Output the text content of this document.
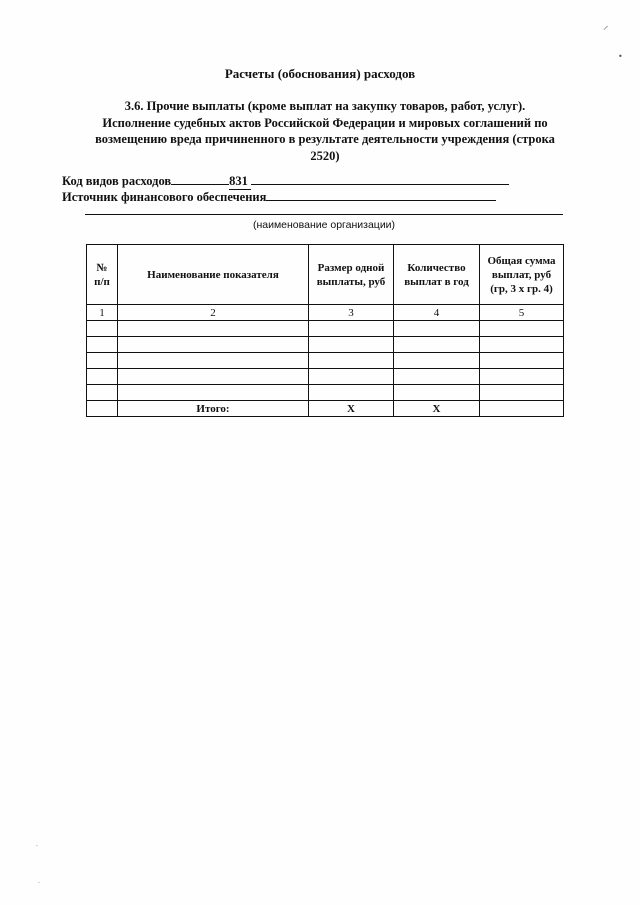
⸝
•
·
·
Расчеты (обоснования) расходов
3.6. Прочие выплаты (кроме выплат на закупку товаров, работ, услуг).
Исполнение судебных актов Российской Федерации и мировых соглашений по
возмещению вреда причиненного в результате деятельности учреждения (строка
2520)
Код видов расходов	831
Источник финансового обеспечения
(наименование организации)
№ п/п	Наименование показателя	Размер одной выплаты, руб	Количество выплат в год	Общая сумма выплат, руб (гр, 3 х гр. 4)
1	2	3	4	5

	Итого:	X	X	
